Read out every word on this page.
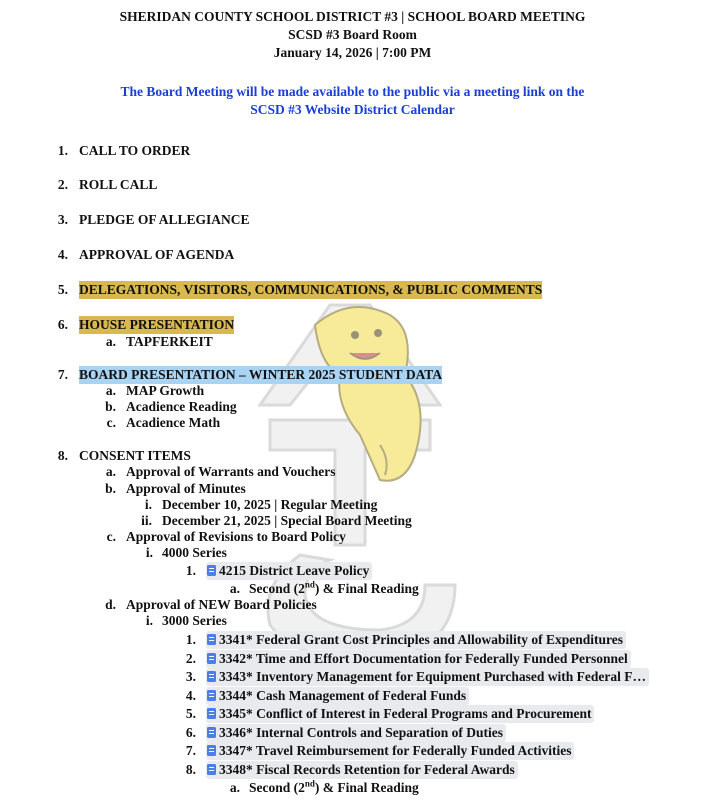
SHERIDAN COUNTY SCHOOL DISTRICT #3 | SCHOOL BOARD MEETING
SCSD #3 Board Room
January 14, 2026 | 7:00 PM
The Board Meeting will be made available to the public via a meeting link on the
SCSD #3 Website District Calendar
1. CALL TO ORDER
2. ROLL CALL
3. PLEDGE OF ALLEGIANCE
4. APPROVAL OF AGENDA
5. DELEGATIONS, VISITORS, COMMUNICATIONS, & PUBLIC COMMENTS
6. HOUSE PRESENTATION
a. TAPFERKEIT
7. BOARD PRESENTATION – WINTER 2025 STUDENT DATA
a. MAP Growth
b. Acadience Reading
c. Acadience Math
8. CONSENT ITEMS
a. Approval of Warrants and Vouchers
b. Approval of Minutes
i. December 10, 2025 | Regular Meeting
ii. December 21, 2025 | Special Board Meeting
c. Approval of Revisions to Board Policy
i. 4000 Series
1.	4215 District Leave Policy
a. Second (2nd) & Final Reading
d. Approval of NEW Board Policies
i. 3000 Series
1.	3341* Federal Grant Cost Principles and Allowability of Expenditures
2.	3342* Time and Effort Documentation for Federally Funded Personnel
3.	3343* Inventory Management for Equipment Purchased with Federal F…
4.	3344* Cash Management of Federal Funds
5.	3345* Conflict of Interest in Federal Programs and Procurement
6.	3346* Internal Controls and Separation of Duties
7.	3347* Travel Reimbursement for Federally Funded Activities
8.	3348* Fiscal Records Retention for Federal Awards
a. Second (2nd) & Final Reading
